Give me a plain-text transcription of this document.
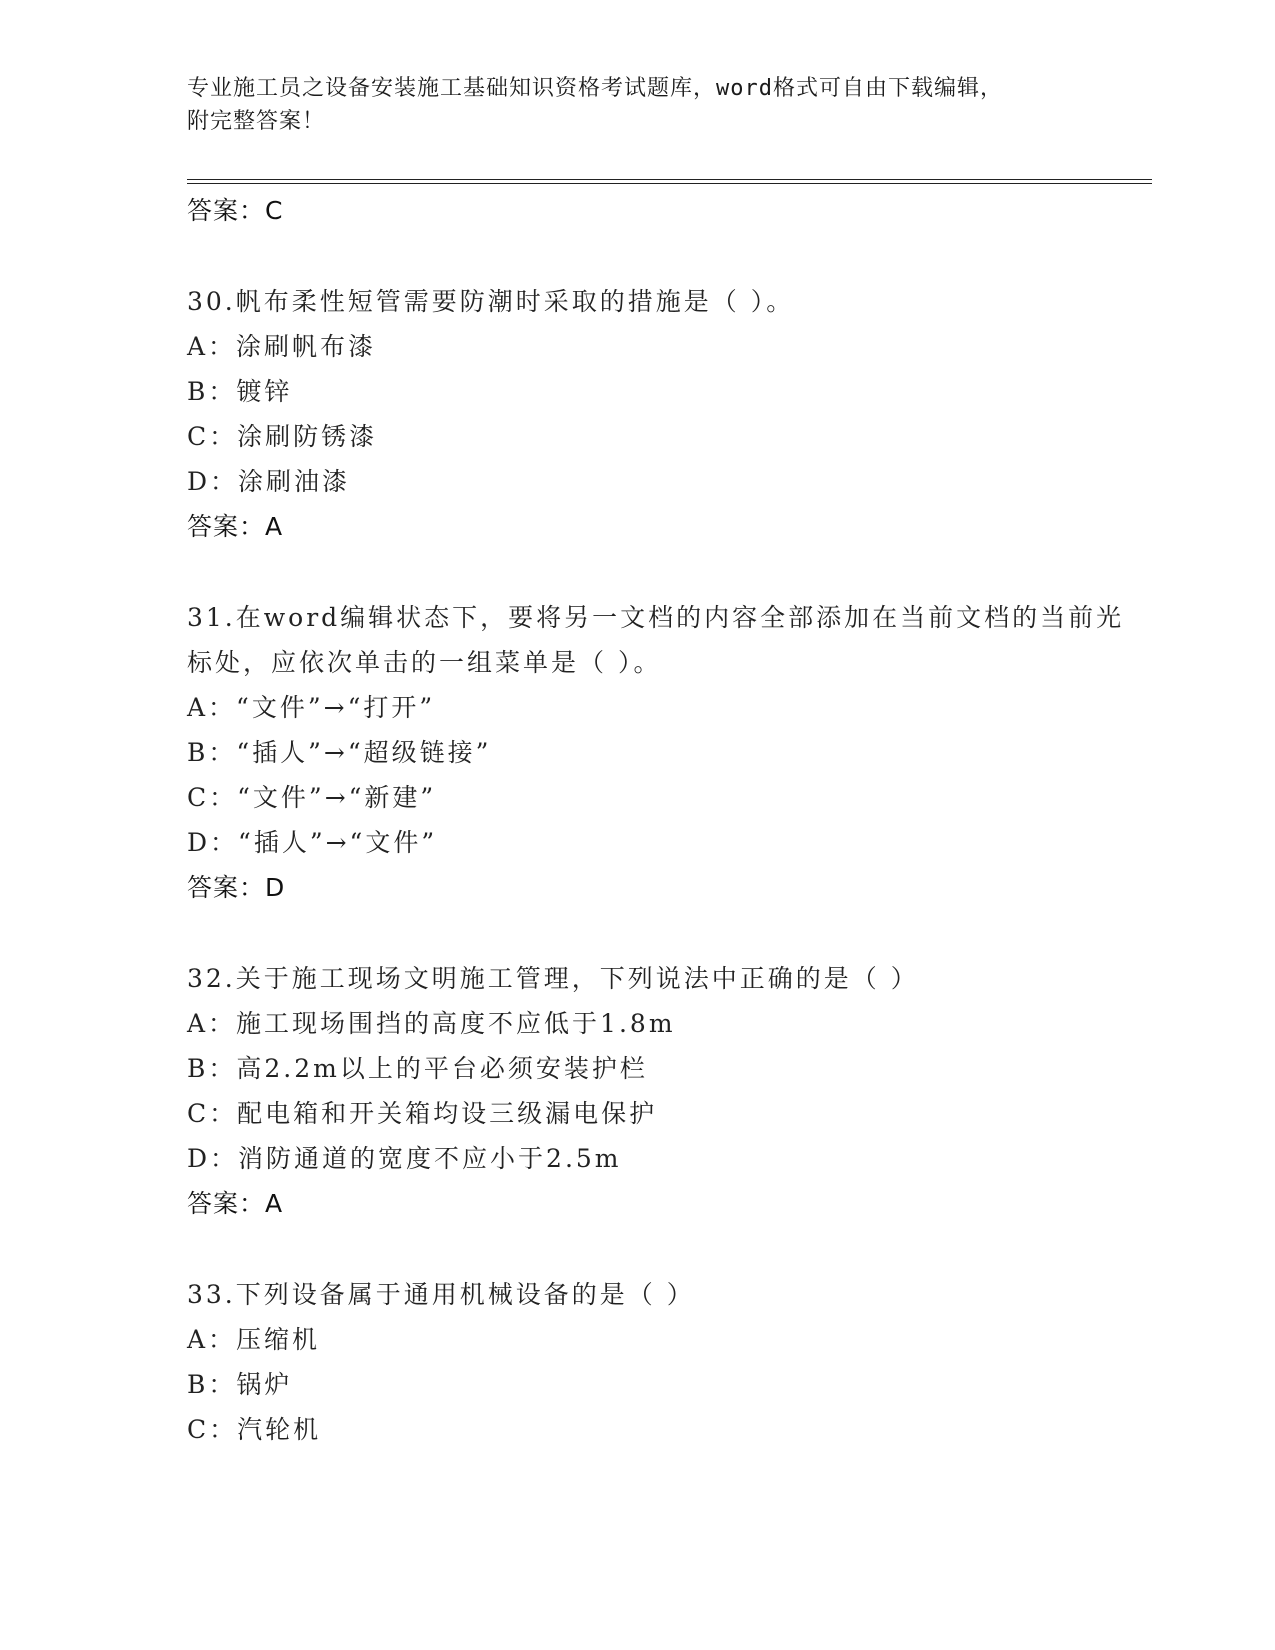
专业施工员之设备安装施工基础知识资格考试题库，word格式可自由下载编辑，
附完整答案！
答案：C
30.帆布柔性短管需要防潮时采取的措施是（ ）。
A：涂刷帆布漆
B：镀锌
C：涂刷防锈漆
D：涂刷油漆
答案：A
31.在word编辑状态下，要将另一文档的内容全部添加在当前文档的当前光标处，应依次单击的一组菜单是（ ）。
A：“文件”→“打开”
B：“插人”→“超级链接”
C：“文件”→“新建”
D：“插人”→“文件”
答案：D
32.关于施工现场文明施工管理，下列说法中正确的是（ ）
A：施工现场围挡的高度不应低于1.8m
B：高2.2m以上的平台必须安装护栏
C：配电箱和开关箱均设三级漏电保护
D：消防通道的宽度不应小于2.5m
答案：A
33.下列设备属于通用机械设备的是（ ）
A：压缩机
B：锅炉
C：汽轮机
